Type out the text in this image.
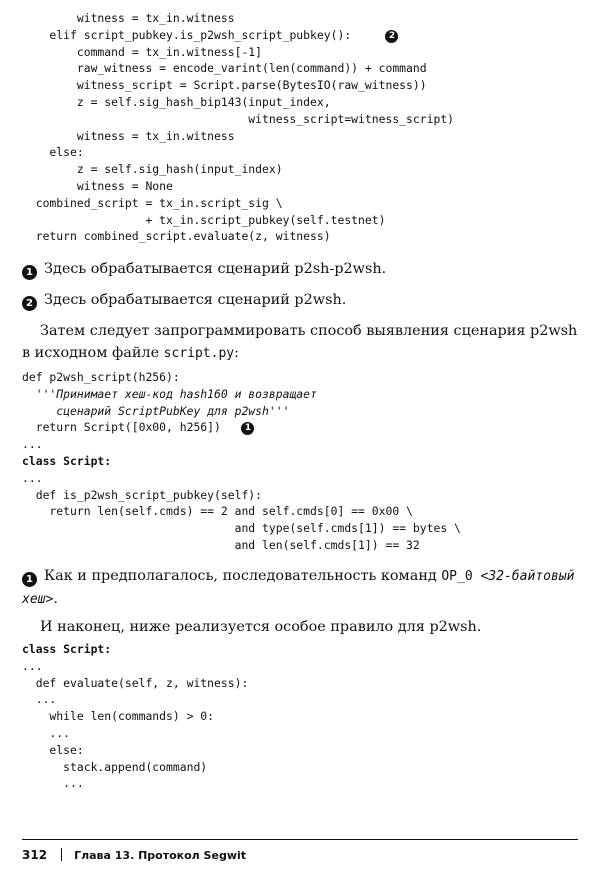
witness = tx_in.witness
elif script_pubkey.is_p2wsh_script_pubkey():     2
command = tx_in.witness[-1]
raw_witness = encode_varint(len(command)) + command
witness_script = Script.parse(BytesIO(raw_witness))
z = self.sig_hash_bip143(input_index,
witness_script=witness_script)
witness = tx_in.witness
else:
z = self.sig_hash(input_index)
witness = None
combined_script = tx_in.script_sig \
+ tx_in.script_pubkey(self.testnet)
return combined_script.evaluate(z, witness)
1 Здесь обрабатывается сценарий p2sh-p2wsh.
2 Здесь обрабатывается сценарий p2wsh.
Затем следует запрограммировать способ выявления сценария p2wsh в исходном файле script.py:
def p2wsh_script(h256):
'''Принимает хеш-код hash160 и возвращает
сценарий ScriptPubKey для p2wsh'''
return Script([0x00, h256])   1
...
class Script:
...
def is_p2wsh_script_pubkey(self):
return len(self.cmds) == 2 and self.cmds[0] == 0x00 \
and type(self.cmds[1]) == bytes \
and len(self.cmds[1]) == 32
1 Как и предполагалось, последовательность команд OP_0 <32-байтовый хеш>.
И наконец, ниже реализуется особое правило для p2wsh.
class Script:
...
def evaluate(self, z, witness):
...
while len(commands) > 0:
...
else:
stack.append(command)
...
312 Глава 13. Протокол Segwit
